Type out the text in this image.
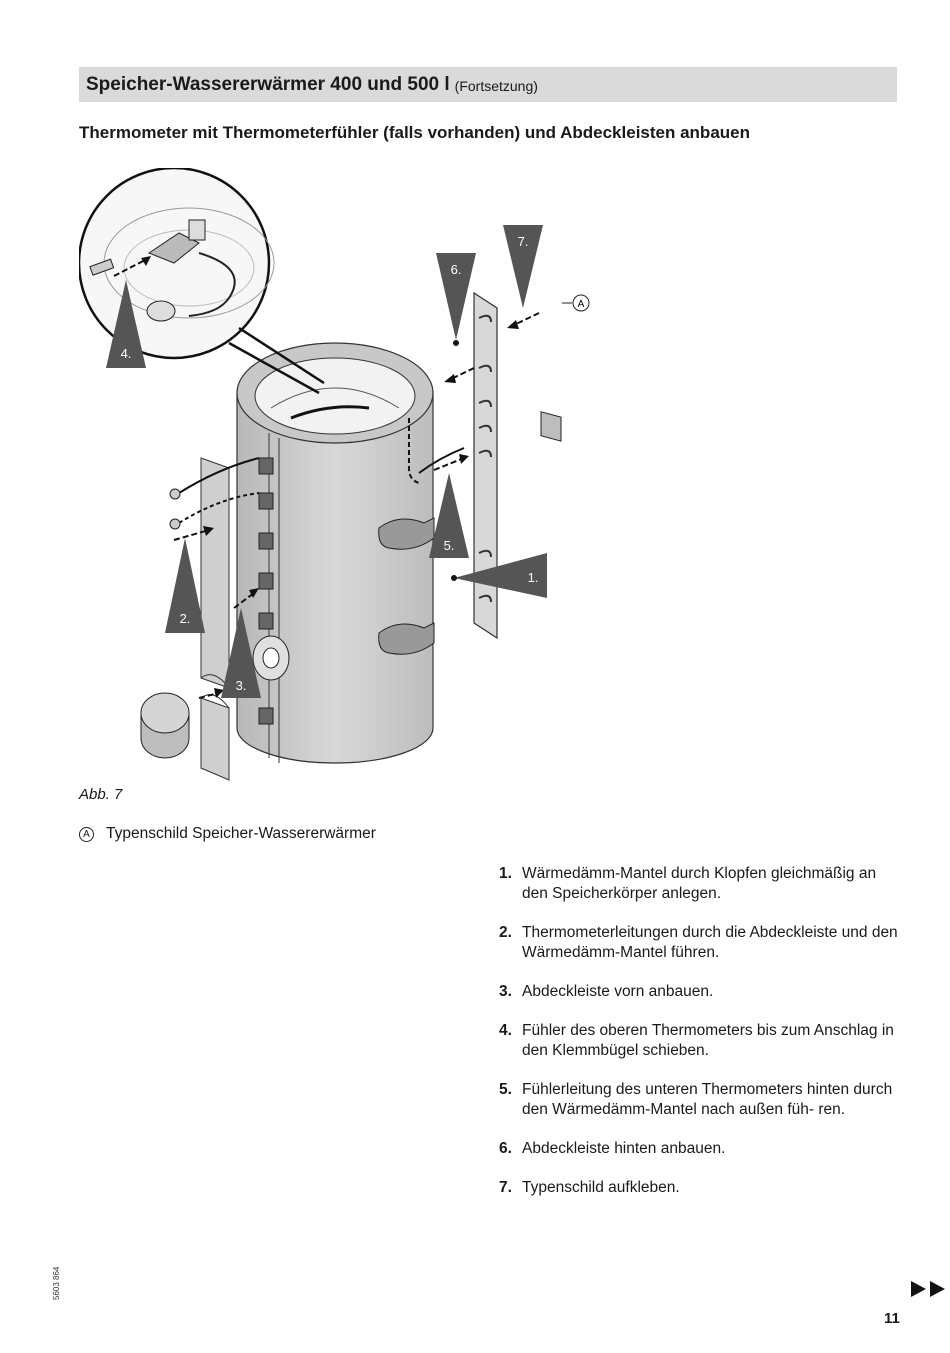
Speicher-Wassererwärmer 400 und 500 l (Fortsetzung)
Thermometer mit Thermometerfühler (falls vorhanden) und Abdeckleisten anbauen
A
1.
2.
3.
4.
5.
6.
7.
Abb. 7
A Typenschild Speicher-Wassererwärmer
1. Wärmedämm-Mantel durch Klopfen gleichmäßig an den Speicherkörper anlegen.
2. Thermometerleitungen durch die Abdeckleiste und den Wärmedämm-Mantel führen.
3. Abdeckleiste vorn anbauen.
4. Fühler des oberen Thermometers bis zum Anschlag in den Klemmbügel schieben.
5. Fühlerleitung des unteren Thermometers hinten durch den Wärmedämm-Mantel nach außen füh- ren.
6. Abdeckleiste hinten anbauen.
7. Typenschild aufkleben.
5603 864
11
